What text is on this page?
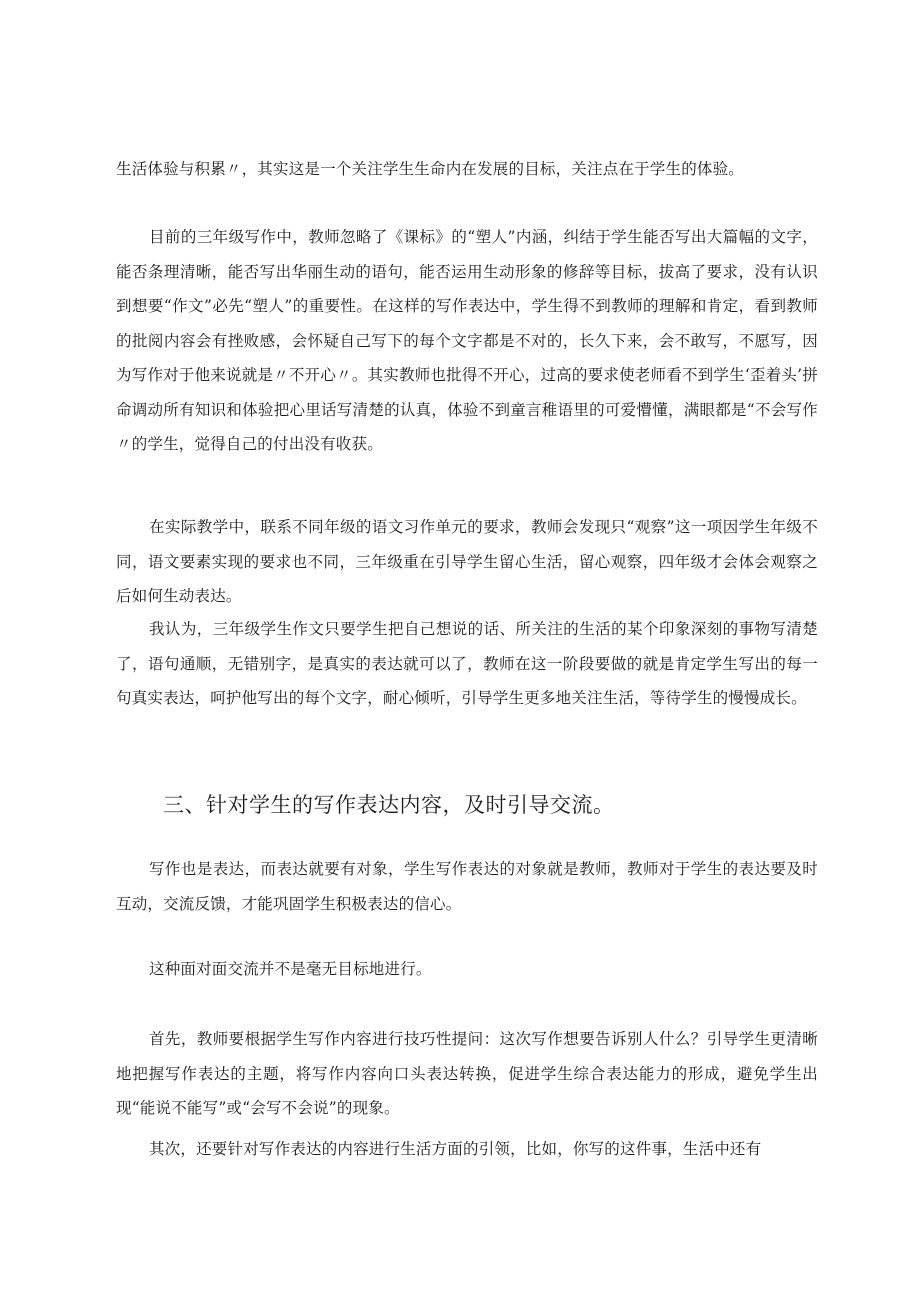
生活体验与积累〃，其实这是一个关注学生生命内在发展的目标，关注点在于学生的体验。

目前的三年级写作中，教师忽略了《课标》的“塑人”内涵，纠结于学生能否写出大篇幅的文字，能否条理清晰，能否写出华丽生动的语句，能否运用生动形象的修辞等目标，拔高了要求，没有认识到想要“作文”必先“塑人”的重要性。在这样的写作表达中，学生得不到教师的理解和肯定，看到教师的批阅内容会有挫败感，会怀疑自己写下的每个文字都是不对的，长久下来，会不敢写，不愿写，因为写作对于他来说就是〃不开心〃。其实教师也批得不开心，过高的要求使老师看不到学生‘歪着头’拼命调动所有知识和体验把心里话写清楚的认真，体验不到童言稚语里的可爱懵懂，满眼都是“不会写作〃的学生，觉得自己的付出没有收获。

在实际教学中，联系不同年级的语文习作单元的要求，教师会发现只“观察”这一项因学生年级不同，语文要素实现的要求也不同，三年级重在引导学生留心生活，留心观察，四年级才会体会观察之后如何生动表达。

我认为，三年级学生作文只要学生把自己想说的话、所关注的生活的某个印象深刻的事物写清楚了，语句通顺，无错别字，是真实的表达就可以了，教师在这一阶段要做的就是肯定学生写出的每一句真实表达，呵护他写出的每个文字，耐心倾听，引导学生更多地关注生活，等待学生的慢慢成长。

三、针对学生的写作表达内容，及时引导交流。

写作也是表达，而表达就要有对象，学生写作表达的对象就是教师，教师对于学生的表达要及时互动，交流反馈，才能巩固学生积极表达的信心。

这种面对面交流并不是毫无目标地进行。

首先，教师要根据学生写作内容进行技巧性提问：这次写作想要告诉别人什么？引导学生更清晰地把握写作表达的主题，将写作内容向口头表达转换，促进学生综合表达能力的形成，避免学生出现“能说不能写”或“会写不会说”的现象。

其次，还要针对写作表达的内容进行生活方面的引领，比如，你写的这件事，生活中还有
